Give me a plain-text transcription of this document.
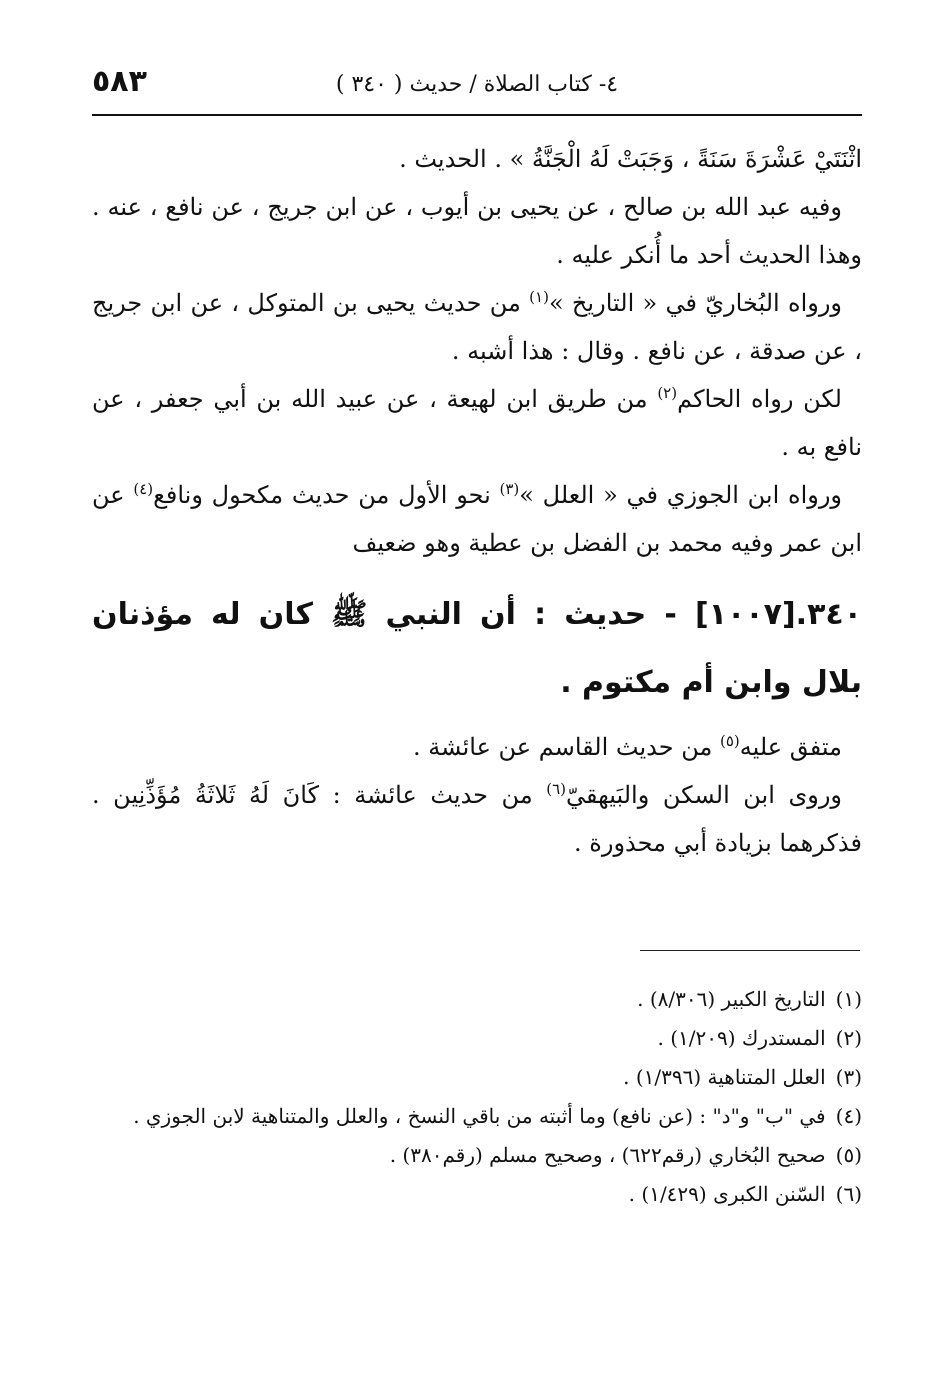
٥٨٣	٤- كتاب الصلاة / حديث ( ٣٤٠ )

اثْنَتَيْ عَشْرَةَ سَنَةً ، وَجَبَتْ لَهُ الْجَنَّةُ » . الحديث .

وفيه عبد الله بن صالح ، عن يحيى بن أيوب ، عن ابن جريج ، عن نافع ، عنه . وهذا الحديث أحد ما أُنكر عليه .

ورواه البُخاريّ في « التاريخ »$^{(١)}$ من حديث يحيى بن المتوكل ، عن ابن جريج ، عن صدقة ، عن نافع . وقال : هذا أشبه .

لكن رواه الحاكم$^{(٢)}$ من طريق ابن لهيعة ، عن عبيد الله بن أبي جعفر ، عن نافع به .

ورواه ابن الجوزي في « العلل »$^{(٣)}$ نحو الأول من حديث مكحول ونافع$^{(٤)}$ عن ابن عمر وفيه محمد بن الفضل بن عطية وهو ضعيف

٣٤٠.[١٠٠٧] - حديث : أن النبي ﷺ كان له مؤذنان بلال وابن أم مكتوم .

متفق عليه$^{(٥)}$ من حديث القاسم عن عائشة .

وروى ابن السكن والبَيهقيّ$^{(٦)}$ من حديث عائشة : كَانَ لَهُ ثَلاثَةُ مُؤَذِّنِين . فذكرهما بزيادة أبي محذورة .

(١)التاريخ الكبير (٨/٣٠٦) .
(٢)المستدرك (١/٢٠٩) .
(٣)العلل المتناهية (١/٣٩٦) .
(٤)في "ب" و"د" : (عن نافع) وما أثبته من باقي النسخ ، والعلل والمتناهية لابن الجوزي .
(٥)صحيح البُخاري (رقم٦٢٢) ، وصحيح مسلم (رقم٣٨٠) .
(٦)السّنن الكبرى (١/٤٢٩) .
